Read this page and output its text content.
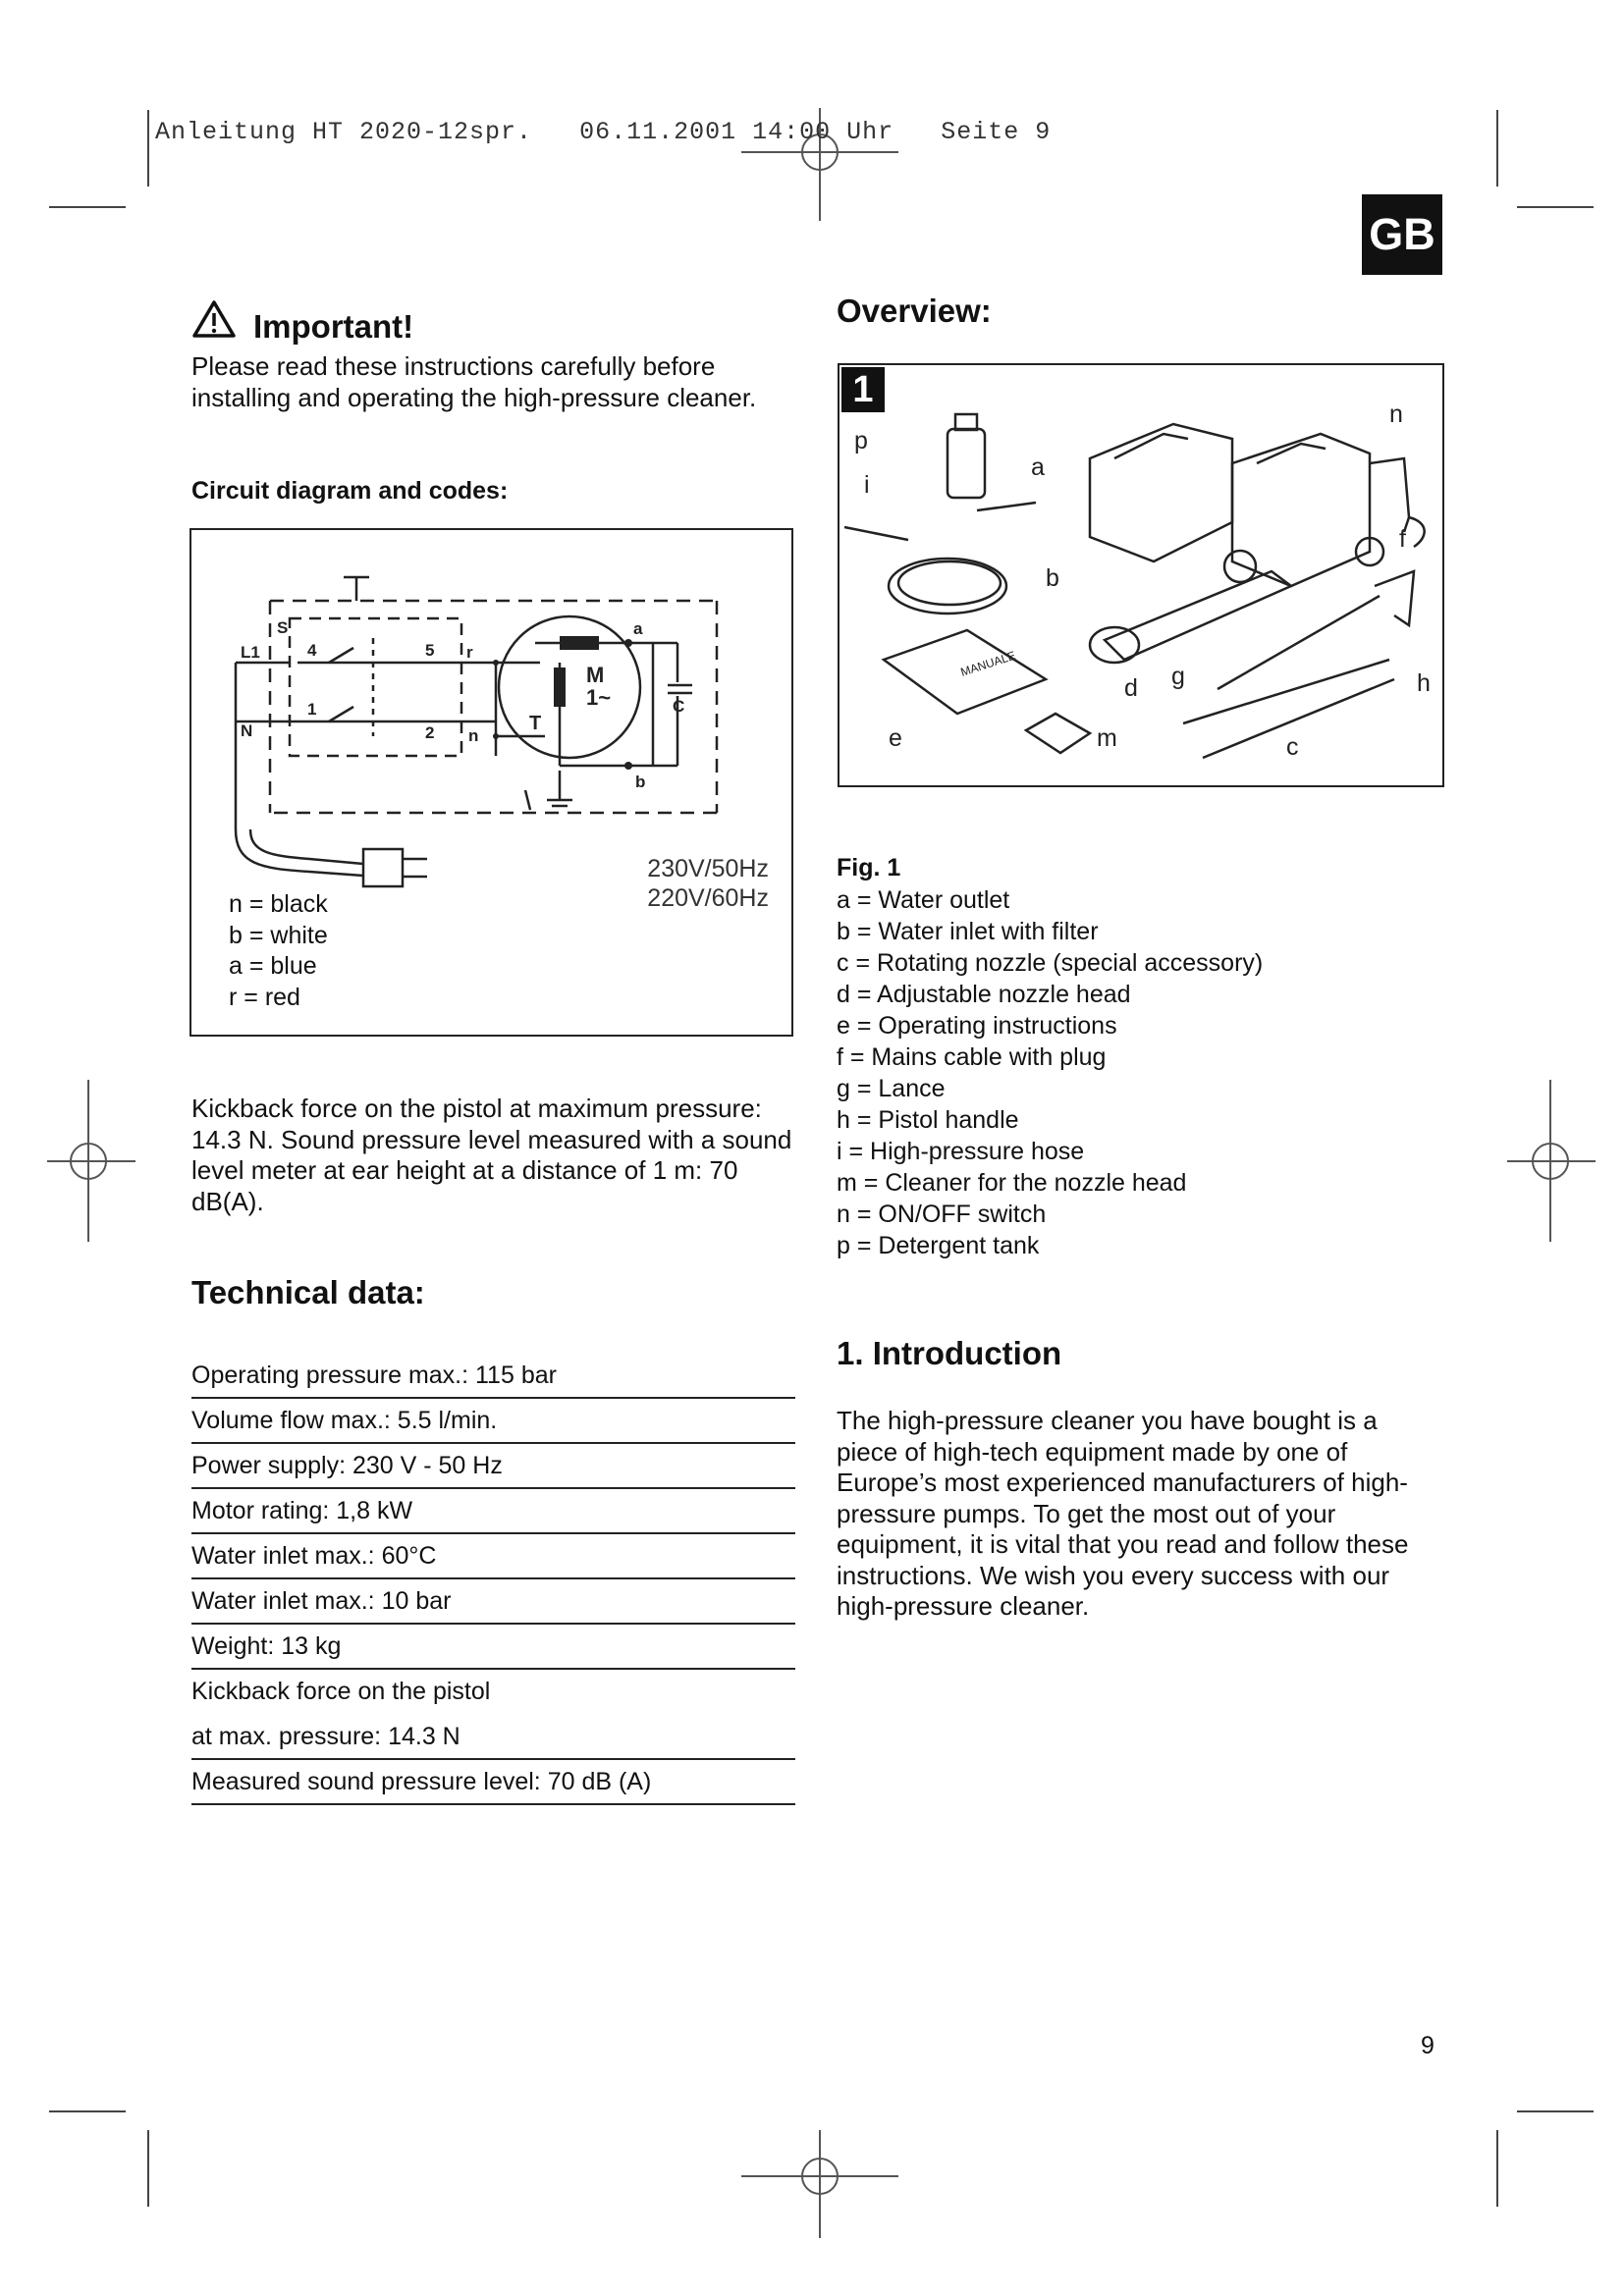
Anleitung HT 2020-12spr. 06.11.2001 14:00 Uhr Seite 9
GB
Important!
Please read these instructions carefully before installing and operating the high-pressure cleaner.
Circuit diagram and codes:
S
L1
N
4	5
1
2
r
n
M
1~
T
a
b
C
230V/50Hz
220V/60Hz
n = black
b = white
a = blue
r = red
Kickback force on the pistol at maximum pressure: 14.3 N. Sound pressure level measured with a sound level meter at ear height at a distance of 1 m: 70 dB(A).
Technical data:
Operating pressure max.: 115 bar
Volume flow max.: 5.5 l/min.
Power supply: 230 V - 50 Hz
Motor rating: 1,8 kW
Water inlet max.: 60°C
Water inlet max.: 10 bar
Weight: 13 kg
Kickback force on the pistol
at max. pressure: 14.3 N
Measured sound pressure level: 70 dB (A)
Overview:
1
MANUALE
p
i
a
b
n
f
h
g
d
e	m	c
Fig. 1
a = Water outlet
b = Water inlet with filter
c = Rotating nozzle (special accessory)
d = Adjustable nozzle head
e = Operating instructions
f = Mains cable with plug
g = Lance
h = Pistol handle
i = High-pressure hose
m = Cleaner for the nozzle head
n = ON/OFF switch
p = Detergent tank
1. Introduction
The high-pressure cleaner you have bought is a piece of high-tech equipment made by one of Europe’s most experienced manufacturers of high-pressure pumps. To get the most out of your equipment, it is vital that you read and follow these instructions. We wish you every success with our high-pressure cleaner.
9
